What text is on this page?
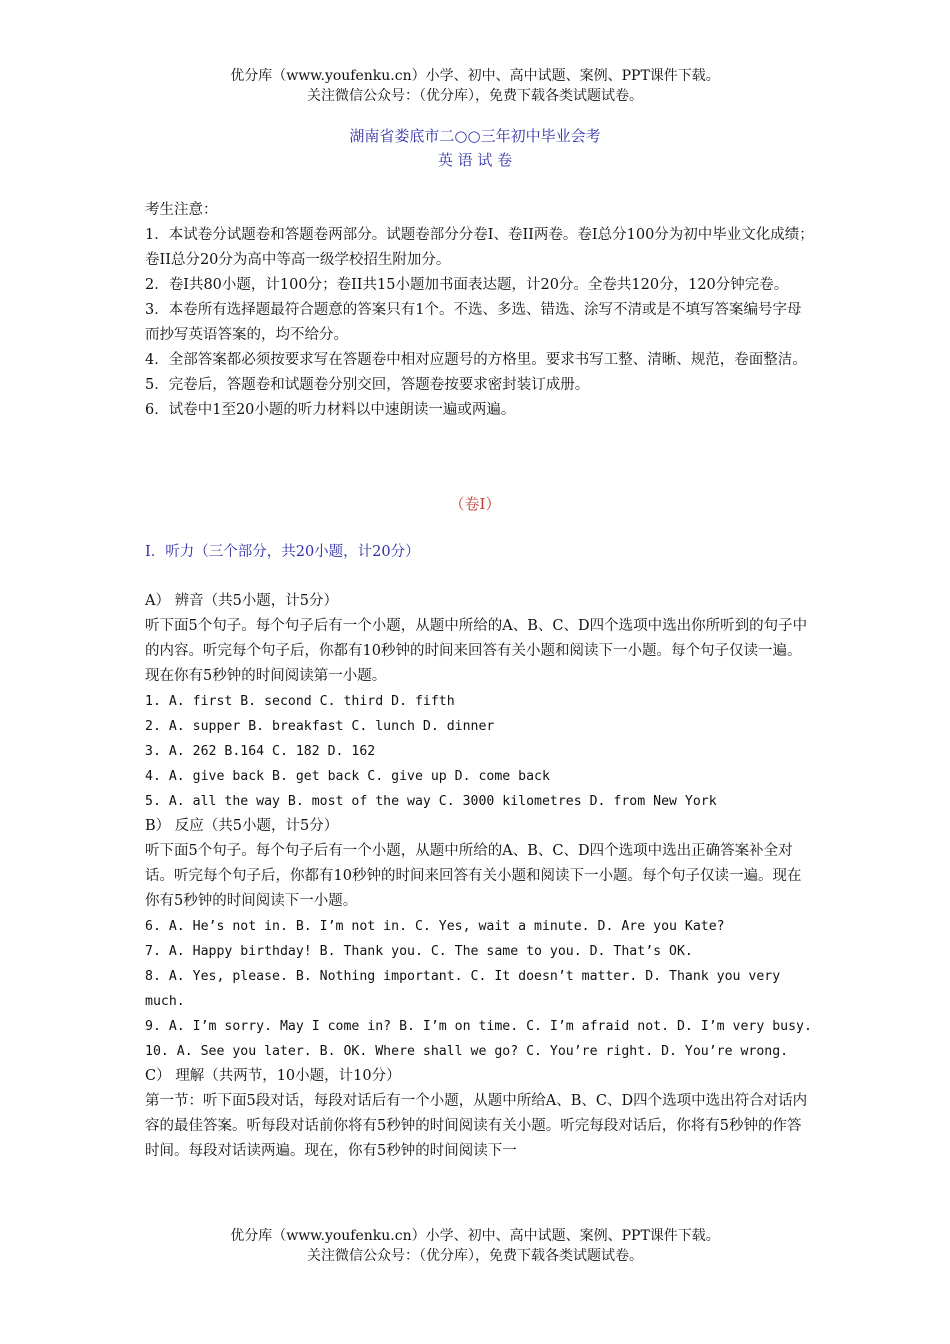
优分库（www.youfenku.cn）小学、初中、高中试题、案例、PPT课件下载。
关注微信公众号：（优分库），免费下载各类试题试卷。
湖南省娄底市二○○三年初中毕业会考
英 语 试 卷
考生注意：
1．本试卷分试题卷和答题卷两部分。试题卷部分分卷I、卷II两卷。卷I总分100分为初中毕业文化成绩；卷II总分20分为高中等高一级学校招生附加分。
2．卷I共80小题，计100分；卷II共15小题加书面表达题，计20分。全卷共120分，120分钟完卷。
3．本卷所有选择题最符合题意的答案只有1个。不选、多选、错选、涂写不清或是不填写答案编号字母而抄写英语答案的，均不给分。
4．全部答案都必须按要求写在答题卷中相对应题号的方格里。要求书写工整、清晰、规范，卷面整洁。
5．完卷后，答题卷和试题卷分别交回，答题卷按要求密封装订成册。
6．试卷中1至20小题的听力材料以中速朗读一遍或两遍。
（卷I）
I．听力（三个部分，共20小题，计20分）
A） 辨音（共5小题，计5分）
听下面5个句子。每个句子后有一个小题，从题中所给的A、B、C、D四个选项中选出你所听到的句子中的内容。听完每个句子后，你都有10秒钟的时间来回答有关小题和阅读下一小题。每个句子仅读一遍。现在你有5秒钟的时间阅读第一小题。
1. A. first B. second C. third D. fifth
2. A. supper B. breakfast C. lunch D. dinner
3. A. 262 B.164 C. 182 D. 162
4. A. give back B. get back C. give up D. come back
5. A. all the way B. most of the way C. 3000 kilometres D. from New York
B） 反应（共5小题，计5分）
听下面5个句子。每个句子后有一个小题，从题中所给的A、B、C、D四个选项中选出正确答案补全对话。听完每个句子后，你都有10秒钟的时间来回答有关小题和阅读下一小题。每个句子仅读一遍。现在你有5秒钟的时间阅读下一小题。
6. A. He’s not in. B. I’m not in. C. Yes, wait a minute. D. Are you Kate?
7. A. Happy birthday! B. Thank you. C. The same to you. D. That’s OK.
8. A. Yes, please. B. Nothing important. C. It doesn’t matter. D. Thank you very much.
9. A. I’m sorry. May I come in? B. I’m on time. C. I’m afraid not. D. I’m very busy.
10. A. See you later. B. OK. Where shall we go? C. You’re right. D. You’re wrong.
C） 理解（共两节，10小题，计10分）
第一节：听下面5段对话，每段对话后有一个小题，从题中所给A、B、C、D四个选项中选出符合对话内容的最佳答案。听每段对话前你将有5秒钟的时间阅读有关小题。听完每段对话后，你将有5秒钟的作答时间。每段对话读两遍。现在，你有5秒钟的时间阅读下一
优分库（www.youfenku.cn）小学、初中、高中试题、案例、PPT课件下载。
关注微信公众号：（优分库），免费下载各类试题试卷。
